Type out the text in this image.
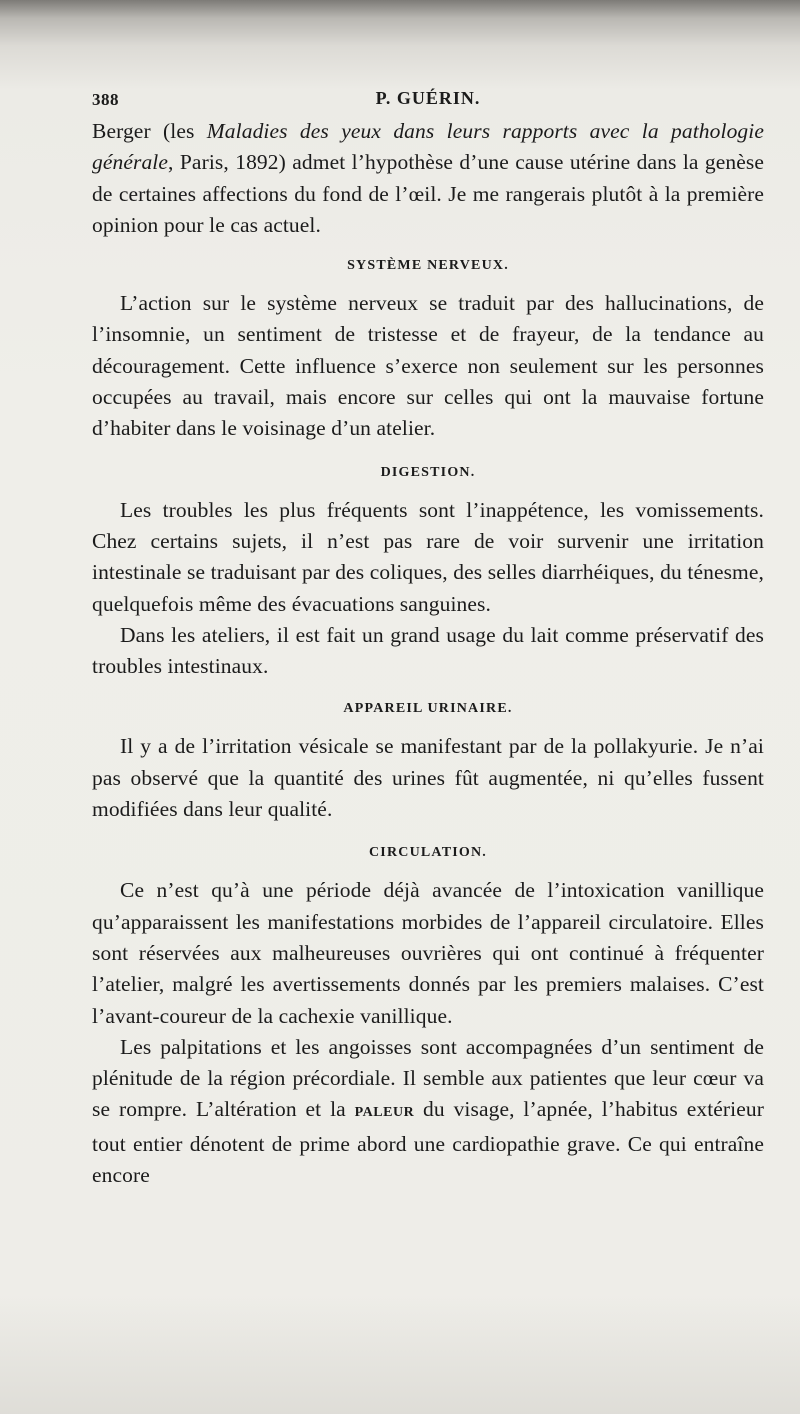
388	P. GUÉRIN.

Berger (les Maladies des yeux dans leurs rapports avec la pathologie générale, Paris, 1892) admet l’hypothèse d’une cause utérine dans la genèse de certaines affections du fond de l’œil. Je me rangerais plutôt à la première opinion pour le cas actuel.

SYSTÈME NERVEUX.

L’action sur le système nerveux se traduit par des hallucinations, de l’insomnie, un sentiment de tristesse et de frayeur, de la tendance au découragement. Cette influence s’exerce non seulement sur les personnes occupées au travail, mais encore sur celles qui ont la mauvaise fortune d’habiter dans le voisinage d’un atelier.

DIGESTION.

Les troubles les plus fréquents sont l’inappétence, les vomissements. Chez certains sujets, il n’est pas rare de voir survenir une irritation intestinale se traduisant par des coliques, des selles diarrhéiques, du ténesme, quelquefois même des évacuations sanguines.

Dans les ateliers, il est fait un grand usage du lait comme préservatif des troubles intestinaux.

APPAREIL URINAIRE.

Il y a de l’irritation vésicale se manifestant par de la pollakyurie. Je n’ai pas observé que la quantité des urines fût augmentée, ni qu’elles fussent modifiées dans leur qualité.

CIRCULATION.

Ce n’est qu’à une période déjà avancée de l’intoxication vanillique qu’apparaissent les manifestations morbides de l’appareil circulatoire. Elles sont réservées aux malheureuses ouvrières qui ont continué à fréquenter l’atelier, malgré les avertissements donnés par les premiers malaises. C’est l’avant-coureur de la cachexie vanillique.

Les palpitations et les angoisses sont accompagnées d’un sentiment de plénitude de la région précordiale. Il semble aux patientes que leur cœur va se rompre. L’altération et la PALEUR du visage, l’apnée, l’habitus extérieur tout entier dénotent de prime abord une cardiopathie grave. Ce qui entraîne encore
